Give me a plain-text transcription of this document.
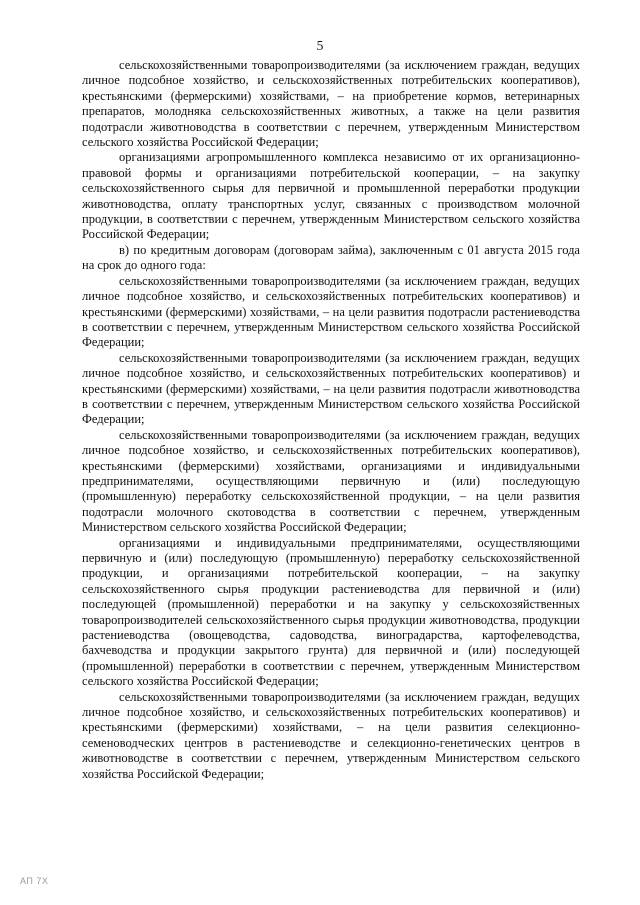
5

сельскохозяйственными товаропроизводителями (за исключением граждан, ведущих личное подсобное хозяйство, и сельскохозяйственных потребительских кооперативов), крестьянскими (фермерскими) хозяйствами, – на приобретение кормов, ветеринарных препаратов, молодняка сельскохозяйственных животных, а также на цели развития подотрасли животноводства в соответствии с перечнем, утвержденным Министерством сельского хозяйства Российской Федерации;

организациями агропромышленного комплекса независимо от их организационно-правовой формы и организациями потребительской кооперации, – на закупку сельскохозяйственного сырья для первичной и промышленной переработки продукции животноводства, оплату транспортных услуг, связанных с производством молочной продукции, в соответствии с перечнем, утвержденным Министерством сельского хозяйства Российской Федерации;

в) по кредитным договорам (договорам займа), заключенным с 01 августа 2015 года на срок до одного года:

сельскохозяйственными товаропроизводителями (за исключением граждан, ведущих личное подсобное хозяйство, и сельскохозяйственных потребительских кооперативов) и крестьянскими (фермерскими) хозяйствами, – на цели развития подотрасли растениеводства в соответствии с перечнем, утвержденным Министерством сельского хозяйства Российской Федерации;

сельскохозяйственными товаропроизводителями (за исключением граждан, ведущих личное подсобное хозяйство, и сельскохозяйственных потребительских кооперативов) и крестьянскими (фермерскими) хозяйствами, – на цели развития подотрасли животноводства в соответствии с перечнем, утвержденным Министерством сельского хозяйства Российской Федерации;

сельскохозяйственными товаропроизводителями (за исключением граждан, ведущих личное подсобное хозяйство, и сельскохозяйственных потребительских кооперативов), крестьянскими (фермерскими) хозяйствами, организациями и индивидуальными предпринимателями, осуществляющими первичную и (или) последующую (промышленную) переработку сельскохозяйственной продукции, – на цели развития подотрасли молочного скотоводства в соответствии с перечнем, утвержденным Министерством сельского хозяйства Российской Федерации;

организациями и индивидуальными предпринимателями, осуществляющими первичную и (или) последующую (промышленную) переработку сельскохозяйственной продукции, и организациями потребительской кооперации, – на закупку сельскохозяйственного сырья продукции растениеводства для первичной и (или) последующей (промышленной) переработки и на закупку у сельскохозяйственных товаропроизводителей сельскохозяйственного сырья продукции животноводства, продукции растениеводства (овощеводства, садоводства, виноградарства, картофелеводства, бахчеводства и продукции закрытого грунта) для первичной и (или) последующей (промышленной) переработки в соответствии с перечнем, утвержденным Министерством сельского хозяйства Российской Федерации;

сельскохозяйственными товаропроизводителями (за исключением граждан, ведущих личное подсобное хозяйство, и сельскохозяйственных потребительских кооперативов) и крестьянскими (фермерскими) хозяйствами, – на цели развития селекционно-семеноводческих центров в растениеводстве и селекционно-генетических центров в животноводстве в соответствии с перечнем, утвержденным Министерством сельского хозяйства Российской Федерации;

АП 7Х
